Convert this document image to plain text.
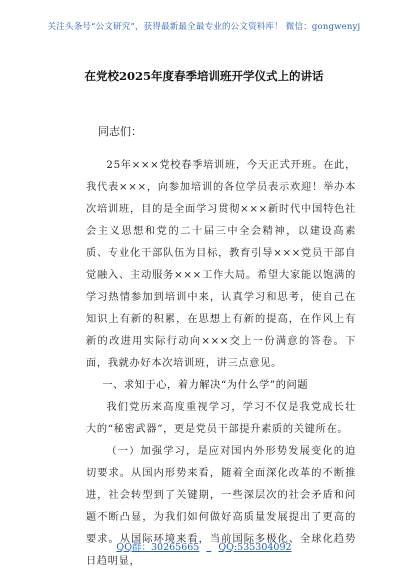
关注头条号“公文研究”，获得最新最全最专业的公文资料库！ 微信：gongwenyj
在党校2025年度春季培训班开学仪式上的讲话

同志们：

25年×××党校春季培训班，今天正式开班。在此，我代表×××，向参加培训的各位学员表示欢迎！举办本次培训班，目的是全面学习贯彻×××新时代中国特色社会主义思想和党的二十届三中全会精神，以建设高素质、专业化干部队伍为目标，教育引导×××党员干部自觉融入、主动服务×××工作大局。希望大家能以饱满的学习热情参加到培训中来，认真学习和思考，使自己在知识上有新的积累，在思想上有新的提高，在作风上有新的改进用实际行动向×××交上一份满意的答卷。下面，我就办好本次培训班，讲三点意见。

一、求知于心，着力解决“为什么学”的问题

我们党历来高度重视学习，学习不仅是我党成长壮大的“秘密武器”，更是党员干部提升素质的关键所在。

（一）加强学习，是应对国内外形势发展变化的迫切要求。从国内形势来看，随着全面深化改革的不断推进，社会转型到了关键期，一些深层次的社会矛盾和问题不断凸显，为我们如何做好高质量发展提出了更高的要求。从国际环境来看，当前国际多极化、全球化趋势日趋明显，

QQ群：30265665 QQ:535304092
